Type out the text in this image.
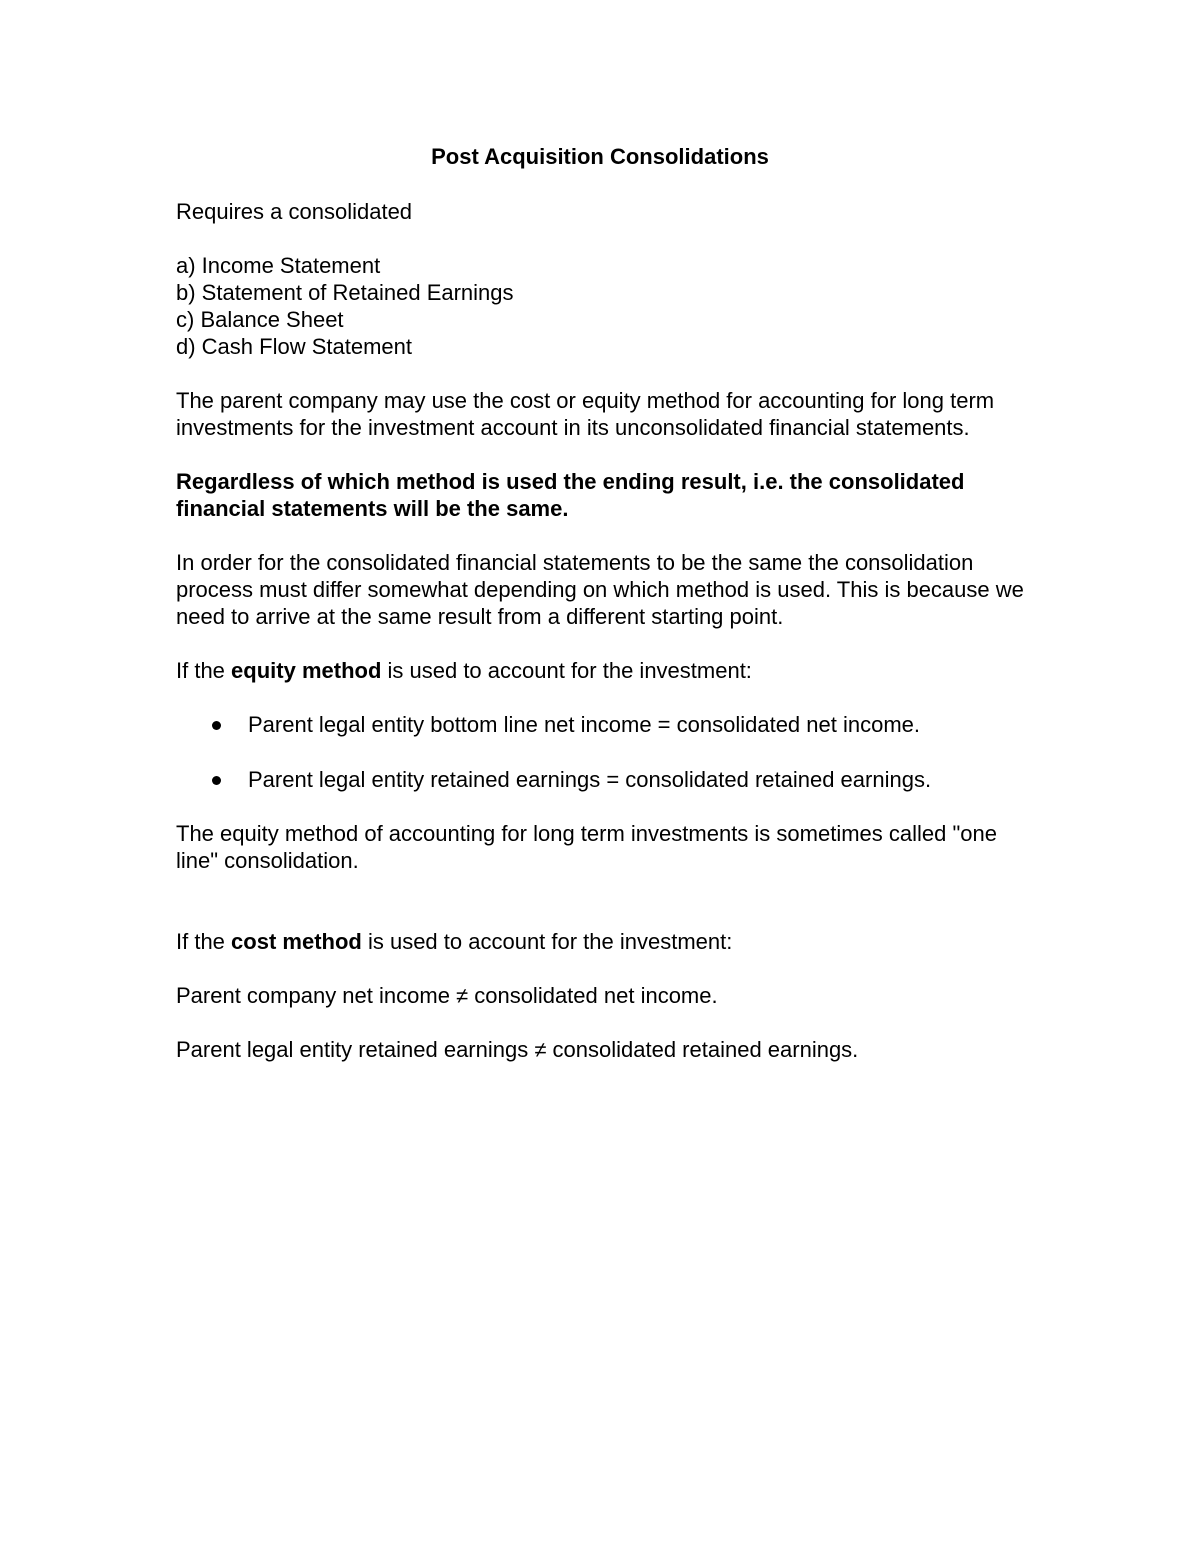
Post Acquisition Consolidations

Requires a consolidated

a) Income Statement

b) Statement of Retained Earnings

c) Balance Sheet

d) Cash Flow Statement

The parent company may use the cost or equity method for accounting for long term investments for the investment account in its unconsolidated financial statements.

Regardless of which method is used the ending result, i.e. the consolidated financial statements will be the same.

In order for the consolidated financial statements to be the same the consolidation process must differ somewhat depending on which method is used. This is because we need to arrive at the same result from a different starting point.

If the equity method is used to account for the investment:

Parent legal entity bottom line net income = consolidated net income.
Parent legal entity retained earnings = consolidated retained earnings.

The equity method of accounting for long term investments is sometimes called "one line" consolidation.

If the cost method is used to account for the investment:

Parent company net income ≠ consolidated net income.

Parent legal entity retained earnings ≠ consolidated retained earnings.
